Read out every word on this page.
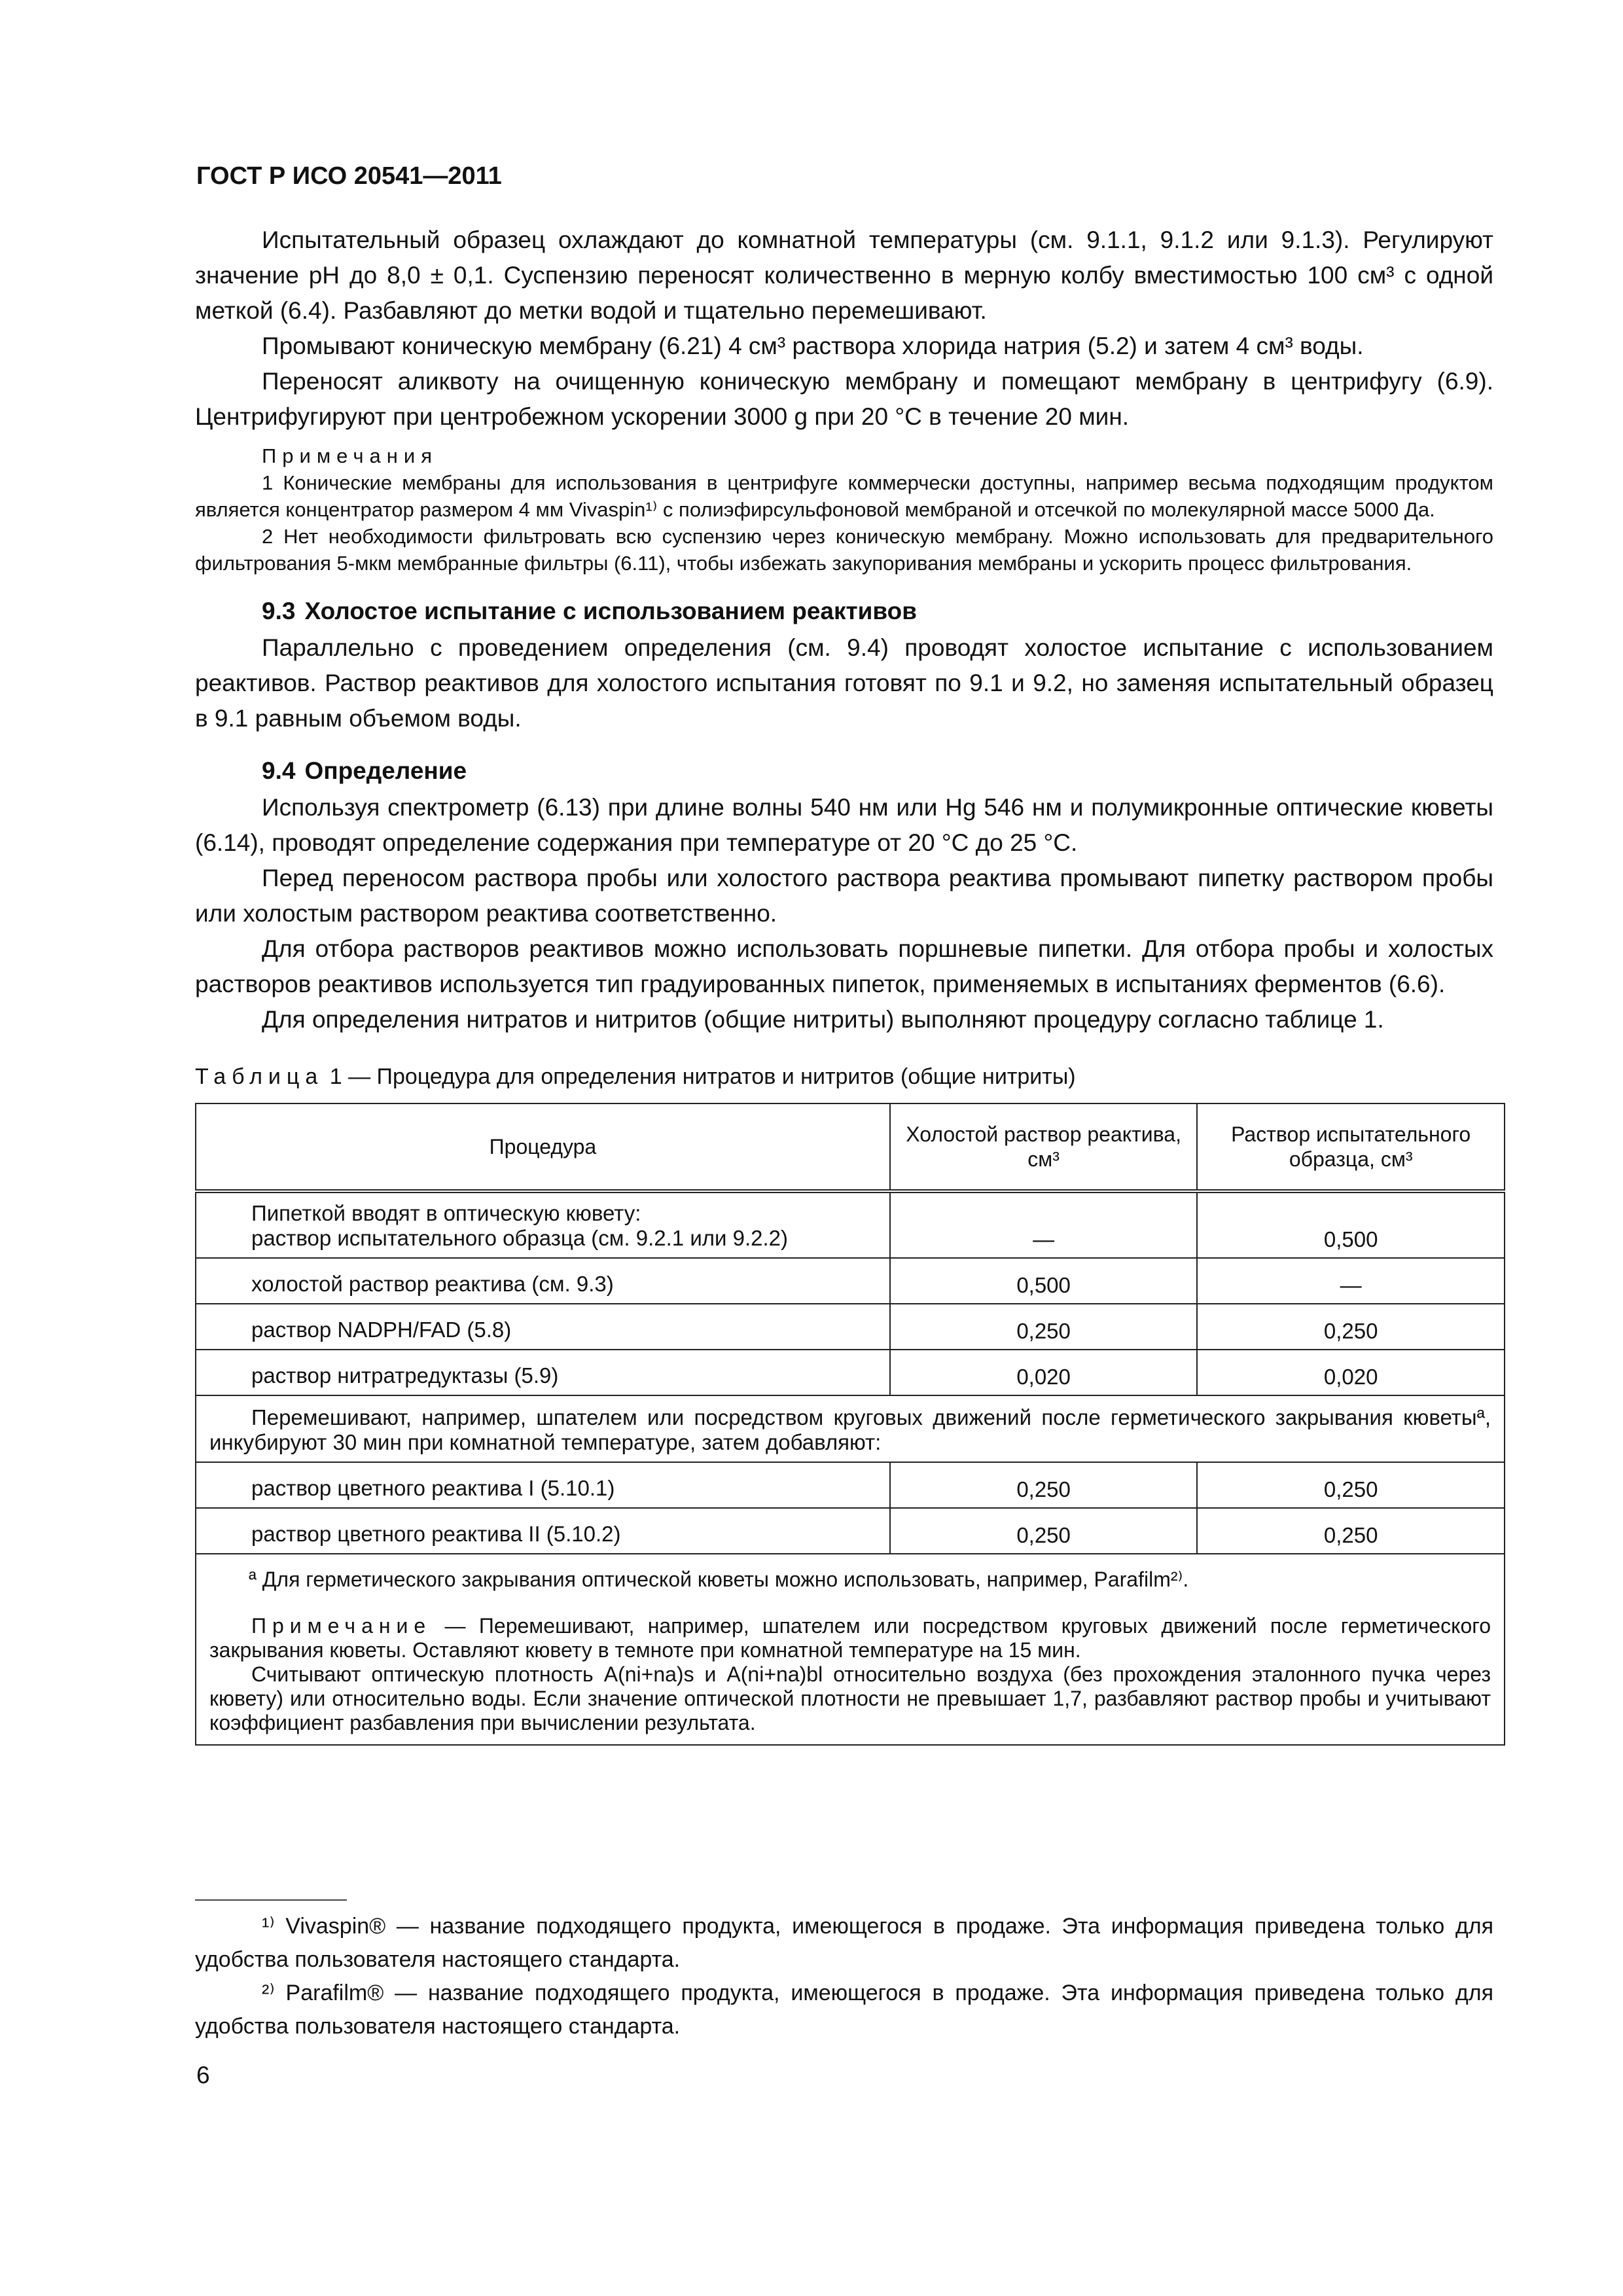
ГОСТ Р ИСО 20541—2011

Испытательный образец охлаждают до комнатной температуры (см. 9.1.1, 9.1.2 или 9.1.3). Регулируют значение pH до 8,0 ± 0,1. Суспензию переносят количественно в мерную колбу вместимостью 100 см³ с одной меткой (6.4). Разбавляют до метки водой и тщательно перемешивают.

Промывают коническую мембрану (6.21) 4 см³ раствора хлорида натрия (5.2) и затем 4 см³ воды.

Переносят аликвоту на очищенную коническую мембрану и помещают мембрану в центрифугу (6.9). Центрифугируют при центробежном ускорении 3000 g при 20 °C в течение 20 мин.

Примечания

1 Конические мембраны для использования в центрифуге коммерчески доступны, например весьма подходящим продуктом является концентратор размером 4 мм Vivaspin¹⁾ с полиэфирсульфоновой мембраной и отсечкой по молекулярной массе 5000 Да.

2 Нет необходимости фильтровать всю суспензию через коническую мембрану. Можно использовать для предварительного фильтрования 5-мкм мембранные фильтры (6.11), чтобы избежать закупоривания мембраны и ускорить процесс фильтрования.

9.3 Холостое испытание с использованием реактивов

Параллельно с проведением определения (см. 9.4) проводят холостое испытание с использованием реактивов. Раствор реактивов для холостого испытания готовят по 9.1 и 9.2, но заменяя испытательный образец в 9.1 равным объемом воды.

9.4 Определение

Используя спектрометр (6.13) при длине волны 540 нм или Hg 546 нм и полумикронные оптические кюветы (6.14), проводят определение содержания при температуре от 20 °C до 25 °C.

Перед переносом раствора пробы или холостого раствора реактива промывают пипетку раствором пробы или холостым раствором реактива соответственно.

Для отбора растворов реактивов можно использовать поршневые пипетки. Для отбора пробы и холостых растворов реактивов используется тип градуированных пипеток, применяемых в испытаниях ферментов (6.6).

Для определения нитратов и нитритов (общие нитриты) выполняют процедуру согласно таблице 1.

Таблица 1 — Процедура для определения нитратов и нитритов (общие нитриты)

Процедура	Холостой раствор реактива, см³	Раствор испытательного образца, см³

Пипеткой вводят в оптическую кювету:
раствор испытательного образца (см. 9.2.1 или 9.2.2)	—	0,500
холостой раствор реактива (см. 9.3)	0,500	—
раствор NADPH/FAD (5.8)	0,250	0,250
раствор нитратредуктазы (5.9)	0,020	0,020
Перемешивают, например, шпателем или посредством круговых движений после герметического закрывания кюветыª, инкубируют 30 мин при комнатной температуре, затем добавляют:		
раствор цветного реактива I (5.10.1)	0,250	0,250
раствор цветного реактива II (5.10.2)	0,250	0,250

ª Для герметического закрывания оптической кюветы можно использовать, например, Parafilm²⁾.

Примечание — Перемешивают, например, шпателем или посредством круговых движений после герметического закрывания кюветы. Оставляют кювету в темноте при комнатной температуре на 15 мин.

Считывают оптическую плотность A(ni+na)s и A(ni+na)bl относительно воздуха (без прохождения эталонного пучка через кювету) или относительно воды. Если значение оптической плотности не превышает 1,7, разбавляют раствор пробы и учитывают коэффициент разбавления при вычислении результата.		

¹⁾ Vivaspin® — название подходящего продукта, имеющегося в продаже. Эта информация приведена только для удобства пользователя настоящего стандарта.

²⁾ Parafilm® — название подходящего продукта, имеющегося в продаже. Эта информация приведена только для удобства пользователя настоящего стандарта.

6
